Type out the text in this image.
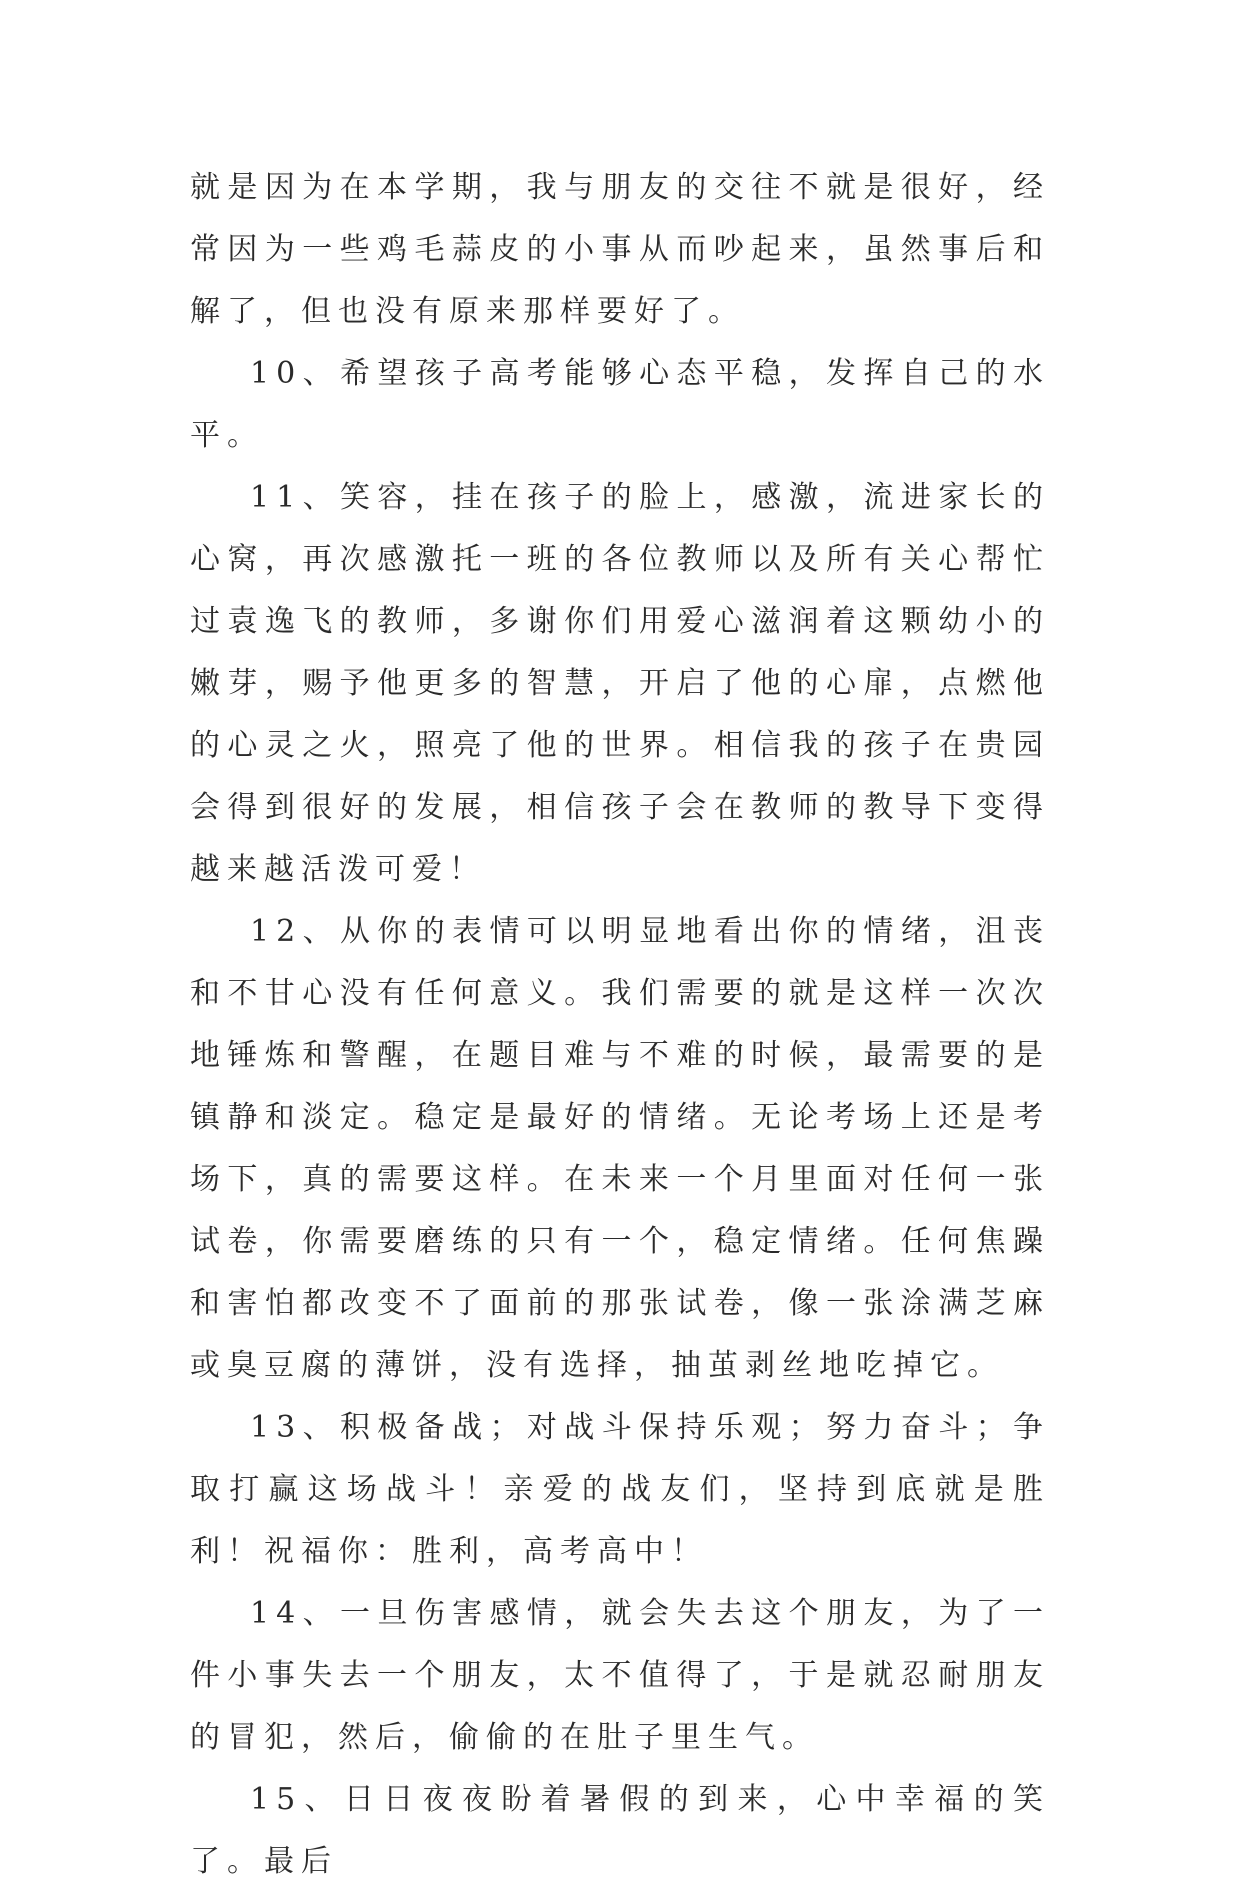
就是因为在本学期，我与朋友的交往不就是很好，经常因为一些鸡毛蒜皮的小事从而吵起来，虽然事后和解了，但也没有原来那样要好了。

10、希望孩子高考能够心态平稳，发挥自己的水平。

11、笑容，挂在孩子的脸上，感激，流进家长的心窝，再次感激托一班的各位教师以及所有关心帮忙过袁逸飞的教师，多谢你们用爱心滋润着这颗幼小的嫩芽，赐予他更多的智慧，开启了他的心扉，点燃他的心灵之火，照亮了他的世界。相信我的孩子在贵园会得到很好的发展，相信孩子会在教师的教导下变得越来越活泼可爱！

12、从你的表情可以明显地看出你的情绪，沮丧和不甘心没有任何意义。我们需要的就是这样一次次地锤炼和警醒，在题目难与不难的时候，最需要的是镇静和淡定。稳定是最好的情绪。无论考场上还是考场下，真的需要这样。在未来一个月里面对任何一张试卷，你需要磨练的只有一个，稳定情绪。任何焦躁和害怕都改变不了面前的那张试卷，像一张涂满芝麻或臭豆腐的薄饼，没有选择，抽茧剥丝地吃掉它。

13、积极备战；对战斗保持乐观；努力奋斗；争取打赢这场战斗！亲爱的战友们，坚持到底就是胜利！祝福你：胜利，高考高中！

14、一旦伤害感情，就会失去这个朋友，为了一件小事失去一个朋友，太不值得了，于是就忍耐朋友的冒犯，然后，偷偷的在肚子里生气。

15、日日夜夜盼着暑假的到来，心中幸福的笑了。最后
